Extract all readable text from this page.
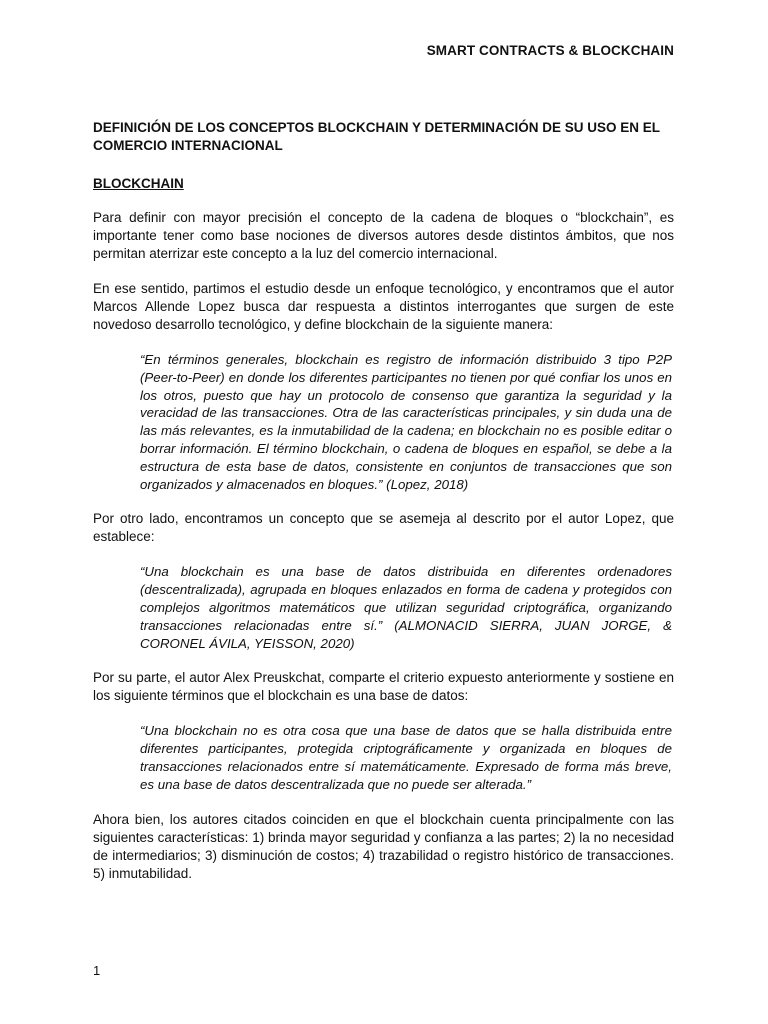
SMART CONTRACTS & BLOCKCHAIN
DEFINICIÓN DE LOS CONCEPTOS BLOCKCHAIN Y DETERMINACIÓN DE SU USO EN EL COMERCIO INTERNACIONAL
BLOCKCHAIN

Para definir con mayor precisión el concepto de la cadena de bloques o “blockchain”, es importante tener como base nociones de diversos autores desde distintos ámbitos, que nos permitan aterrizar este concepto a la luz del comercio internacional.

En ese sentido, partimos el estudio desde un enfoque tecnológico, y encontramos que el autor Marcos Allende Lopez busca dar respuesta a distintos interrogantes que surgen de este novedoso desarrollo tecnológico, y define blockchain de la siguiente manera:

“En términos generales, blockchain es registro de información distribuido 3 tipo P2P (Peer-to-Peer) en donde los diferentes participantes no tienen por qué confiar los unos en los otros, puesto que hay un protocolo de consenso que garantiza la seguridad y la veracidad de las transacciones. Otra de las características principales, y sin duda una de las más relevantes, es la inmutabilidad de la cadena; en blockchain no es posible editar o borrar información. El término blockchain, o cadena de bloques en español, se debe a la estructura de esta base de datos, consistente en conjuntos de transacciones que son organizados y almacenados en bloques.” (Lopez, 2018)

Por otro lado, encontramos un concepto que se asemeja al descrito por el autor Lopez, que establece:

“Una blockchain es una base de datos distribuida en diferentes ordenadores (descentralizada), agrupada en bloques enlazados en forma de cadena y protegidos con complejos algoritmos matemáticos que utilizan seguridad criptográfica, organizando transacciones relacionadas entre sí.” (ALMONACID SIERRA, JUAN JORGE, & CORONEL ÁVILA, YEISSON, 2020)

Por su parte, el autor Alex Preuskchat, comparte el criterio expuesto anteriormente y sostiene en los siguiente términos que el blockchain es una base de datos:

“Una blockchain no es otra cosa que una base de datos que se halla distribuida entre diferentes participantes, protegida criptográficamente y organizada en bloques de transacciones relacionados entre sí matemáticamente. Expresado de forma más breve, es una base de datos descentralizada que no puede ser alterada.”

Ahora bien, los autores citados coinciden en que el blockchain cuenta principalmente con las siguientes características: 1) brinda mayor seguridad y confianza a las partes; 2) la no necesidad de intermediarios; 3) disminución de costos; 4) trazabilidad o registro histórico de transacciones. 5) inmutabilidad.

1
